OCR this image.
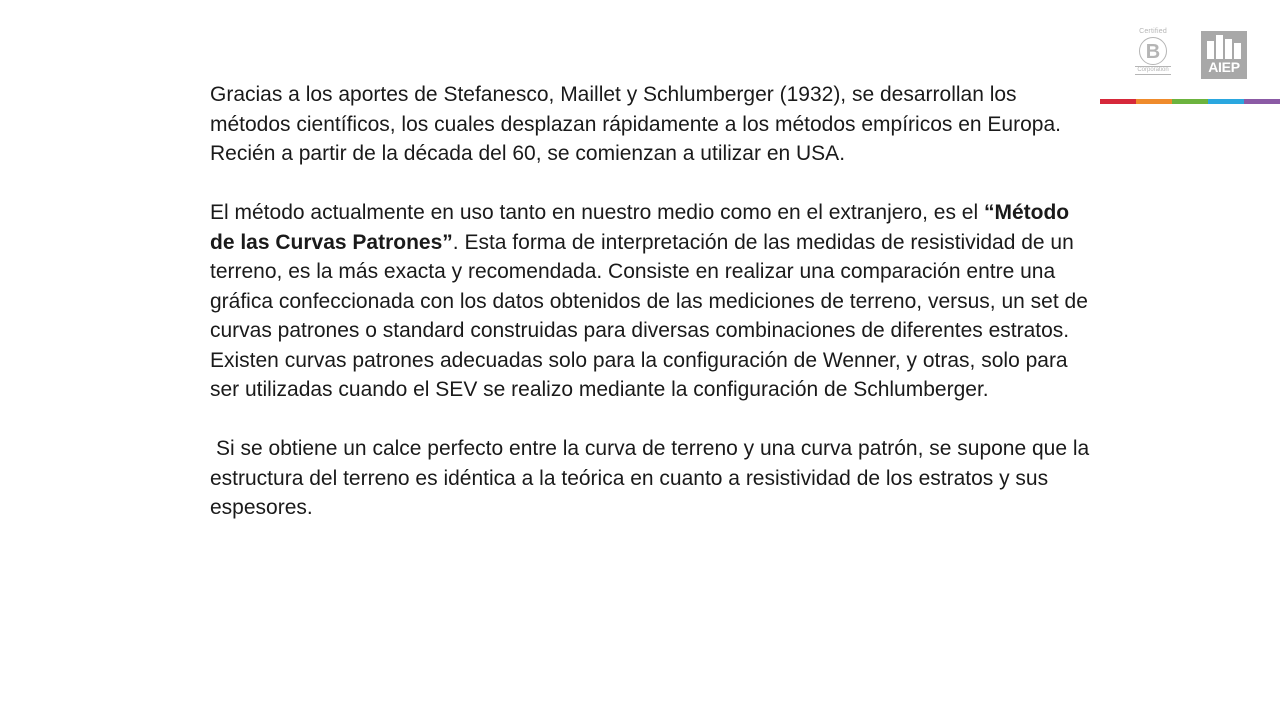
Certified
B
Corporation	AIEP

Gracias a los aportes de Stefanesco, Maillet y Schlumberger (1932), se desarrollan los métodos científicos, los cuales desplazan rápidamente a los métodos empíricos en Europa. Recién a partir de la década del 60, se comienzan a utilizar en USA.

El método actualmente en uso tanto en nuestro medio como en el extranjero, es el “Método de las Curvas Patrones”. Esta forma de interpretación de las medidas de resistividad de un terreno, es la más exacta y recomendada. Consiste en realizar una comparación entre una gráfica confeccionada con los datos obtenidos de las mediciones de terreno, versus, un set de curvas patrones o standard construidas para diversas combinaciones de diferentes estratos. Existen curvas patrones adecuadas solo para la configuración de Wenner, y otras, solo para ser utilizadas cuando el SEV se realizo mediante la configuración de Schlumberger.

Si se obtiene un calce perfecto entre la curva de terreno y una curva patrón, se supone que la estructura del terreno es idéntica a la teórica en cuanto a resistividad de los estratos y sus espesores.
